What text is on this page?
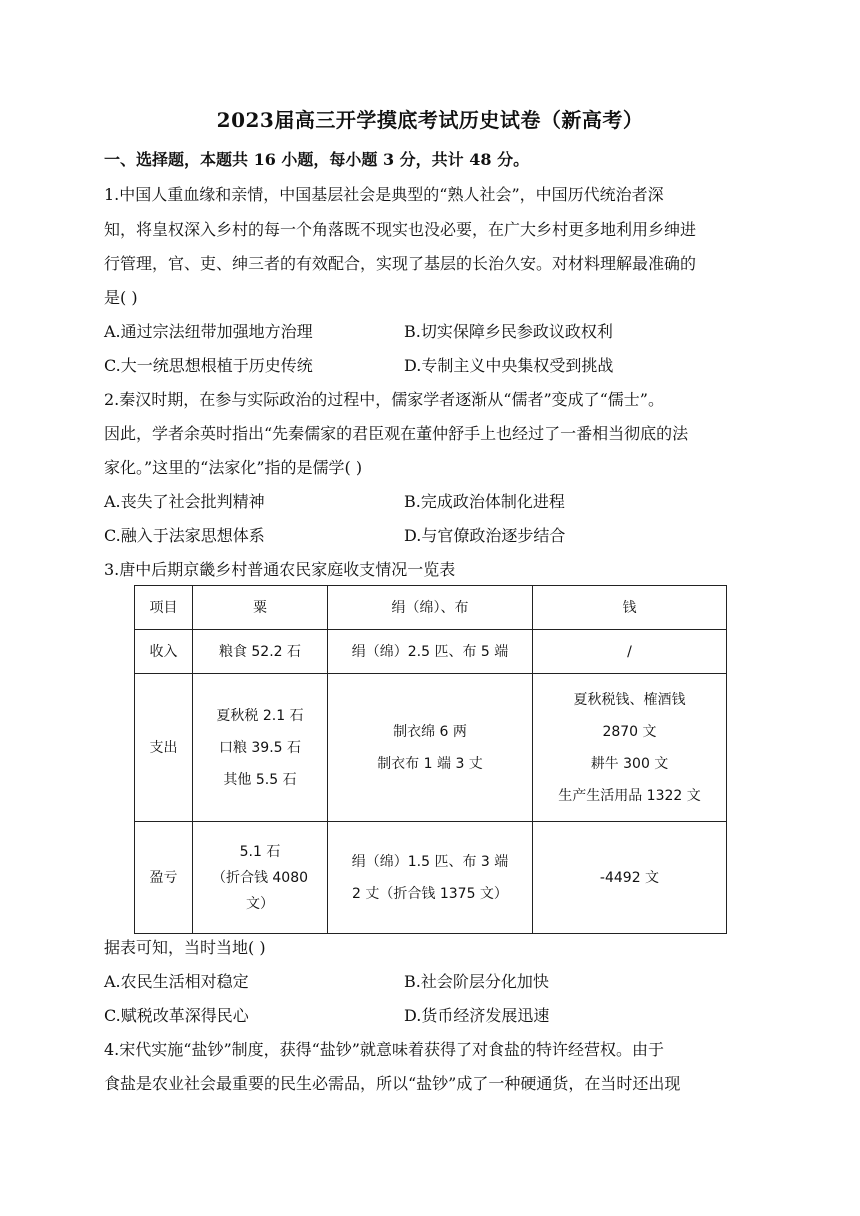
2023届高三开学摸底考试历史试卷（新高考）
一、选择题，本题共 16 小题，每小题 3 分，共计 48 分。
1.中国人重血缘和亲情，中国基层社会是典型的“熟人社会”，中国历代统治者深
知，将皇权深入乡村的每一个角落既不现实也没必要，在广大乡村更多地利用乡绅进
行管理，官、吏、绅三者的有效配合，实现了基层的长治久安。对材料理解最准确的
是( )
A.通过宗法纽带加强地方治理	B.切实保障乡民参政议政权利
C.大一统思想根植于历史传统	D.专制主义中央集权受到挑战
2.秦汉时期，在参与实际政治的过程中，儒家学者逐渐从“儒者”变成了“儒士”。
因此，学者余英时指出“先秦儒家的君臣观在董仲舒手上也经过了一番相当彻底的法
家化。”这里的“法家化”指的是儒学( )
A.丧失了社会批判精神	B.完成政治体制化进程
C.融入于法家思想体系	D.与官僚政治逐步结合
3.唐中后期京畿乡村普通农民家庭收支情况一览表
项目	粟	绢（绵）、布	钱
收入	粮食 52.2 石	绢（绵）2.5 匹、布 5 端	/
支出	夏秋税 2.1 石
口粮 39.5 石
其他 5.5 石	制衣绵 6 两
制衣布 1 端 3 丈	夏秋税钱、榷酒钱
2870 文
耕牛 300 文
生产生活用品 1322 文

盈亏	5.1 石
（折合钱 4080
文）	绢（绵）1.5 匹、布 3 端
2 丈（折合钱 1375 文）	-4492 文
据表可知，当时当地( )
A.农民生活相对稳定	B.社会阶层分化加快
C.赋税改革深得民心	D.货币经济发展迅速
4.宋代实施“盐钞”制度，获得“盐钞”就意味着获得了对食盐的特许经营权。由于
食盐是农业社会最重要的民生必需品，所以“盐钞”成了一种硬通货，在当时还出现
